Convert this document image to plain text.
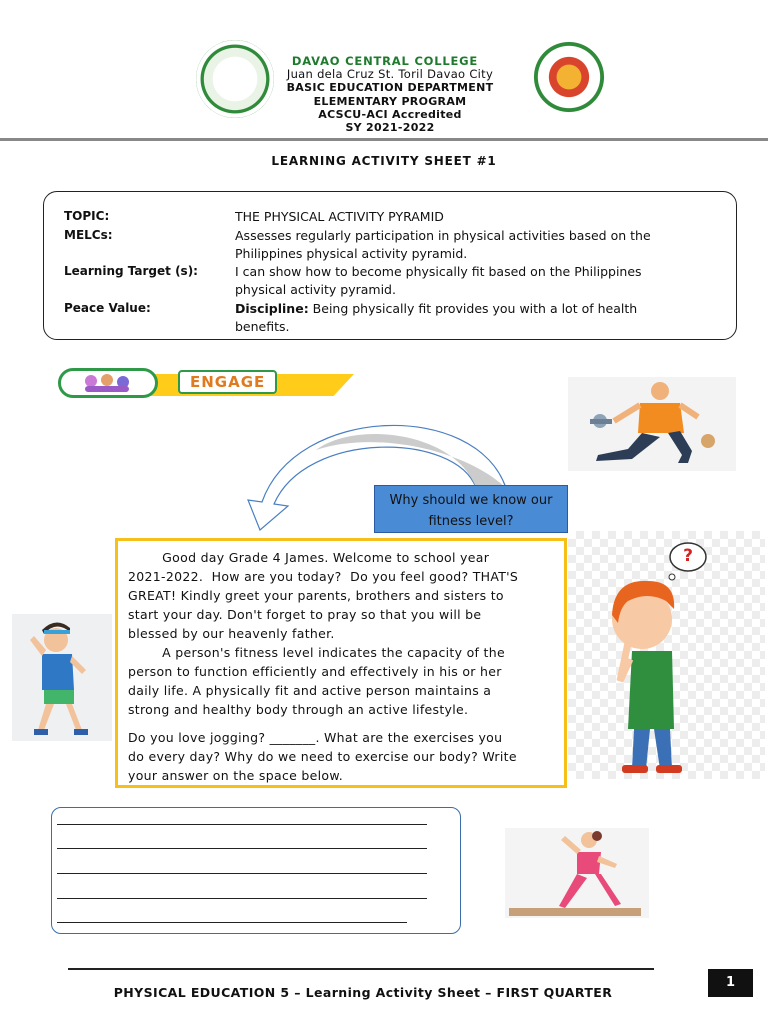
DAVAO CENTRAL COLLEGE
Juan dela Cruz St. Toril Davao City
BASIC EDUCATION DEPARTMENT
ELEMENTARY PROGRAM
ACSCU-ACI Accredited
SY 2021-2022
LEARNING ACTIVITY SHEET #1
TOPIC:	THE PHYSICAL ACTIVITY PYRAMID
MELCs:	Assesses regularly participation in physical activities based on the
Philippines physical activity pyramid.
Learning Target (s):	I can show how to become physically fit based on the Philippines
physical activity pyramid.
Peace Value:	Discipline: Being physically fit provides you with a lot of health
benefits.
ENGAGE
Why should we know our
fitness level?
Good day Grade 4 James. Welcome to school year
2021-2022.  How are you today?  Do you feel good? THAT'S
GREAT! Kindly greet your parents, brothers and sisters to
start your day. Don't forget to pray so that you will be
blessed by our heavenly father.
A person's fitness level indicates the capacity of the
person to function efficiently and effectively in his or her
daily life. A physically fit and active person maintains a
strong and healthy body through an active lifestyle.
Do you love jogging? _______. What are the exercises you
do every day? Why do we need to exercise our body? Write
your answer on the space below.
?
PHYSICAL EDUCATION 5 – Learning Activity Sheet – FIRST QUARTER
1
